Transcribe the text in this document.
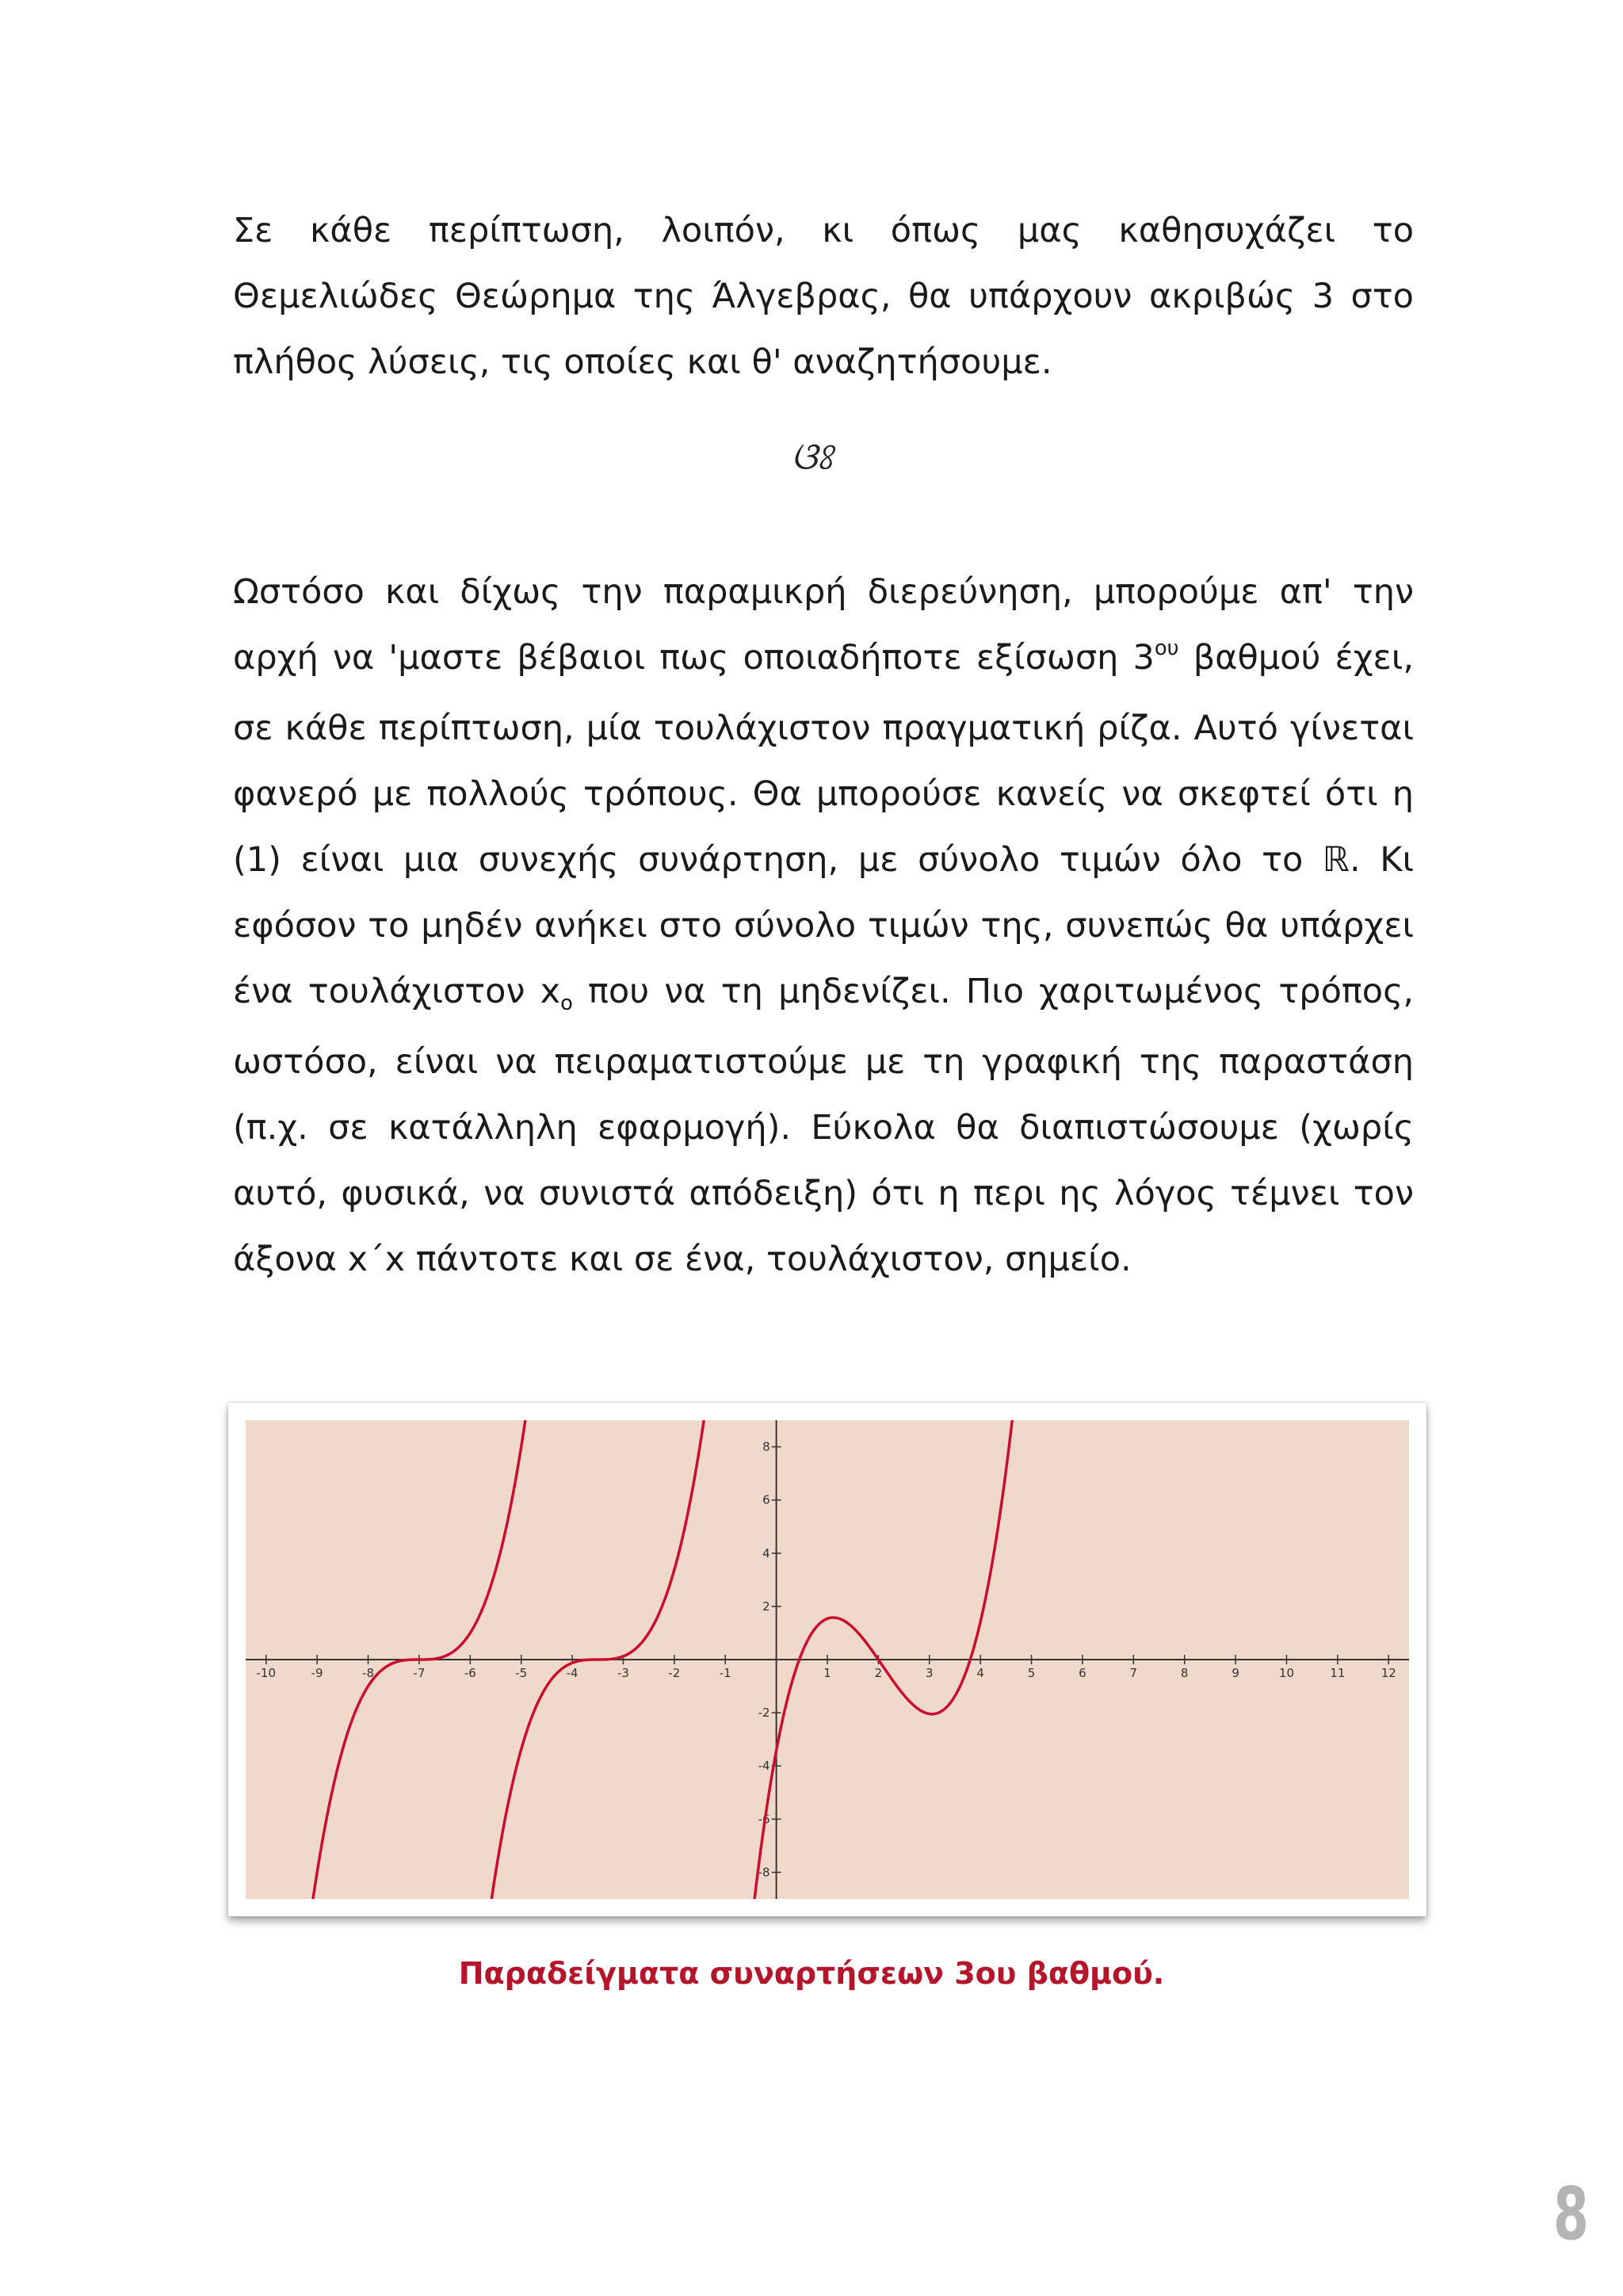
Σε κάθε περίπτωση, λοιπόν, κι όπως μας καθησυχάζει το
Θεμελιώδες Θεώρημα της Άλγεβρας, θα υπάρχουν ακριβώς 3 στο
πλήθος λύσεις, τις οποίες και θ' αναζητήσουμε.

ଓଃ

Ωστόσο και δίχως την παραμικρή διερεύνηση, μπορούμε απ' την
αρχή να 'μαστε βέβαιοι πως οποιαδήποτε εξίσωση $3^{o\upsilon}$ βαθμού έχει,
σε κάθε περίπτωση, μία τουλάχιστον πραγματική ρίζα. Αυτό γίνεται
φανερό με πολλούς τρόπους. Θα μπορούσε κανείς να σκεφτεί ότι η
(1) είναι μια συνεχής συνάρτηση, με σύνολο τιμών όλο το ℝ. Κι
εφόσον το μηδέν ανήκει στο σύνολο τιμών της, συνεπώς θα υπάρχει
ένα τουλάχιστον $x_o$ που να τη μηδενίζει. Πιο χαριτωμένος τρόπος,
ωστόσο, είναι να πειραματιστούμε με τη γραφική της παραστάση
(π.χ. σε κατάλληλη εφαρμογή). Εύκολα θα διαπιστώσουμε (χωρίς
αυτό, φυσικά, να συνιστά απόδειξη) ότι η περι ης λόγος τέμνει τον
άξονα x΄x πάντοτε και σε ένα, τουλάχιστον, σημείο.

-10	-9	-8	-7	-6	-5	-4	-3	-2	-1	1	2	3	4	5	6	7	8	9	10	11	12
8
6
4
2
-2
-4
-6
-8
Παραδείγματα συναρτήσεων 3ου βαθμού.
8
